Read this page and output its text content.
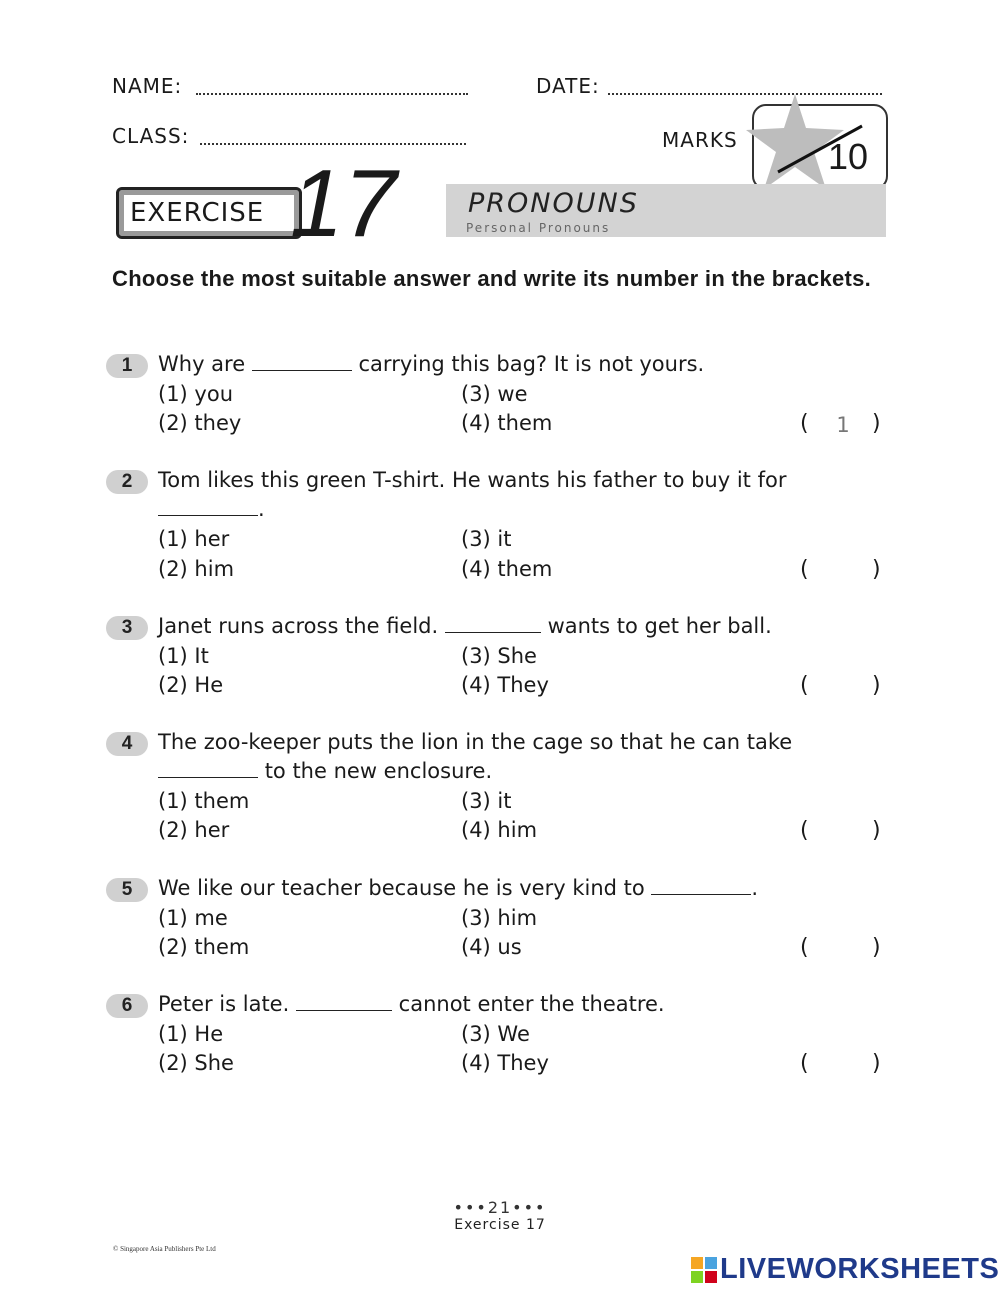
NAME:	DATE:
CLASS:	MARKS	10
EXERCISE 17	PRONOUNS
Personal Pronouns
Choose the most suitable answer and write its number in the brackets.
1	Why are	carrying this bag? It is not yours.
(1) you
(2) they
(3) we
(4) them	(	1	)
2	Tom likes this green T-shirt. He wants his father to buy it for
.
(1) her
(2) him
(3) it
(4) them	(	)
3	Janet runs across the field.	wants to get her ball.
(1) It
(2) He
(3) She
(4) They	(	)
4	The zoo-keeper puts the lion in the cage so that he can take
to the new enclosure.
(1) them
(2) her
(3) it
(4) him	(	)
5	We like our teacher because he is very kind to	.
(1) me
(2) them
(3) him
(4) us	(	)
6	Peter is late.	cannot enter the theatre.
(1) He
(2) She
(3) We
(4) They	(	)
•••21•••
Exercise 17
© Singapore Asia Publishers Pte Ltd
LIVEWORKSHEETS
